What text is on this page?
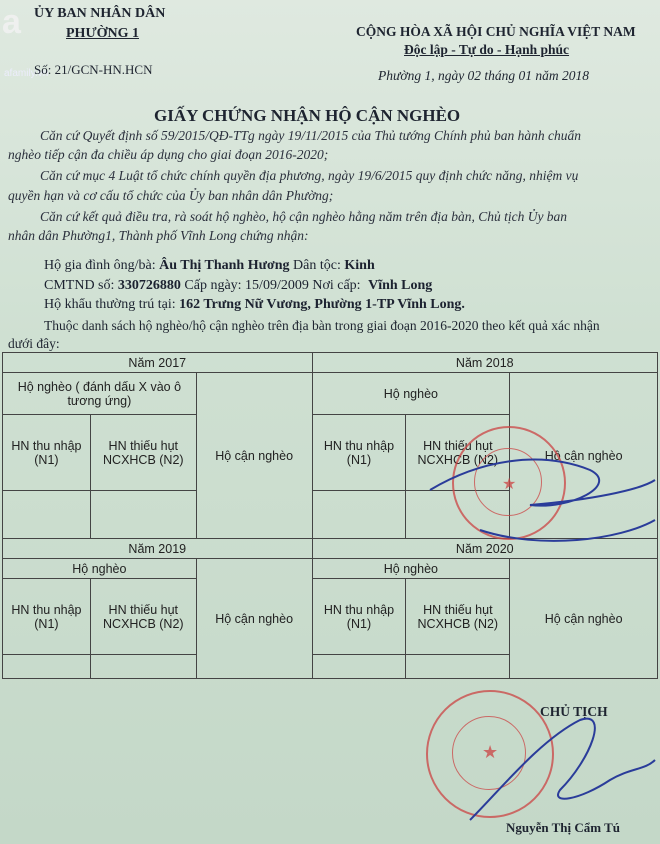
a
afamily.vn
ỦY BAN NHÂN DÂN
PHƯỜNG 1
Số: 21/GCN-HN.HCN
CỘNG HÒA XÃ HỘI CHỦ NGHĨA VIỆT NAM
Độc lập - Tự do - Hạnh phúc
Phường 1, ngày 02 tháng 01 năm 2018
GIẤY CHỨNG NHẬN HỘ CẬN NGHÈO
Căn cứ Quyết định số 59/2015/QĐ-TTg ngày 19/11/2015 của Thủ tướng Chính phủ ban hành chuẩn
nghèo tiếp cận đa chiều áp dụng cho giai đoạn 2016-2020;
Căn cứ mục 4 Luật tổ chức chính quyền địa phương, ngày 19/6/2015 quy định chức năng, nhiệm vụ
quyền hạn và cơ cấu tổ chức của Ủy ban nhân dân Phường;
Căn cứ kết quả điều tra, rà soát hộ nghèo, hộ cận nghèo hằng năm trên địa bàn, Chủ tịch Ủy ban
nhân dân Phường1, Thành phố Vĩnh Long chứng nhận:
Hộ gia đình ông/bà: Âu Thị Thanh Hương Dân tộc: Kinh
CMTND số: 330726880 Cấp ngày: 15/09/2009 Nơi cấp: Vĩnh Long
Hộ khẩu thường trú tại: 162 Trưng Nữ Vương, Phường 1-TP Vĩnh Long.
Thuộc danh sách hộ nghèo/hộ cận nghèo trên địa bàn trong giai đoạn 2016-2020 theo kết quả xác nhận
dưới đây:
Năm 2017			Năm 2018		
Hộ nghèo ( đánh dấu X vào ô tương ứng)		Hộ cận nghèo	Hộ nghèo		Hộ cận nghèo
HN thu nhập (N1)	HN thiếu hụt NCXHCB (N2)		HN thu nhập (N1)	HN thiếu hụt NCXHCB (N2)	

Năm 2019			Năm 2020		
Hộ nghèo		Hộ cận nghèo	Hộ nghèo		Hộ cận nghèo
HN thu nhập (N1)	HN thiếu hụt NCXHCB (N2)		HN thu nhập (N1)	HN thiếu hụt NCXHCB (N2)	

CHỦ TỊCH
Nguyễn Thị Cẩm Tú
★
★
